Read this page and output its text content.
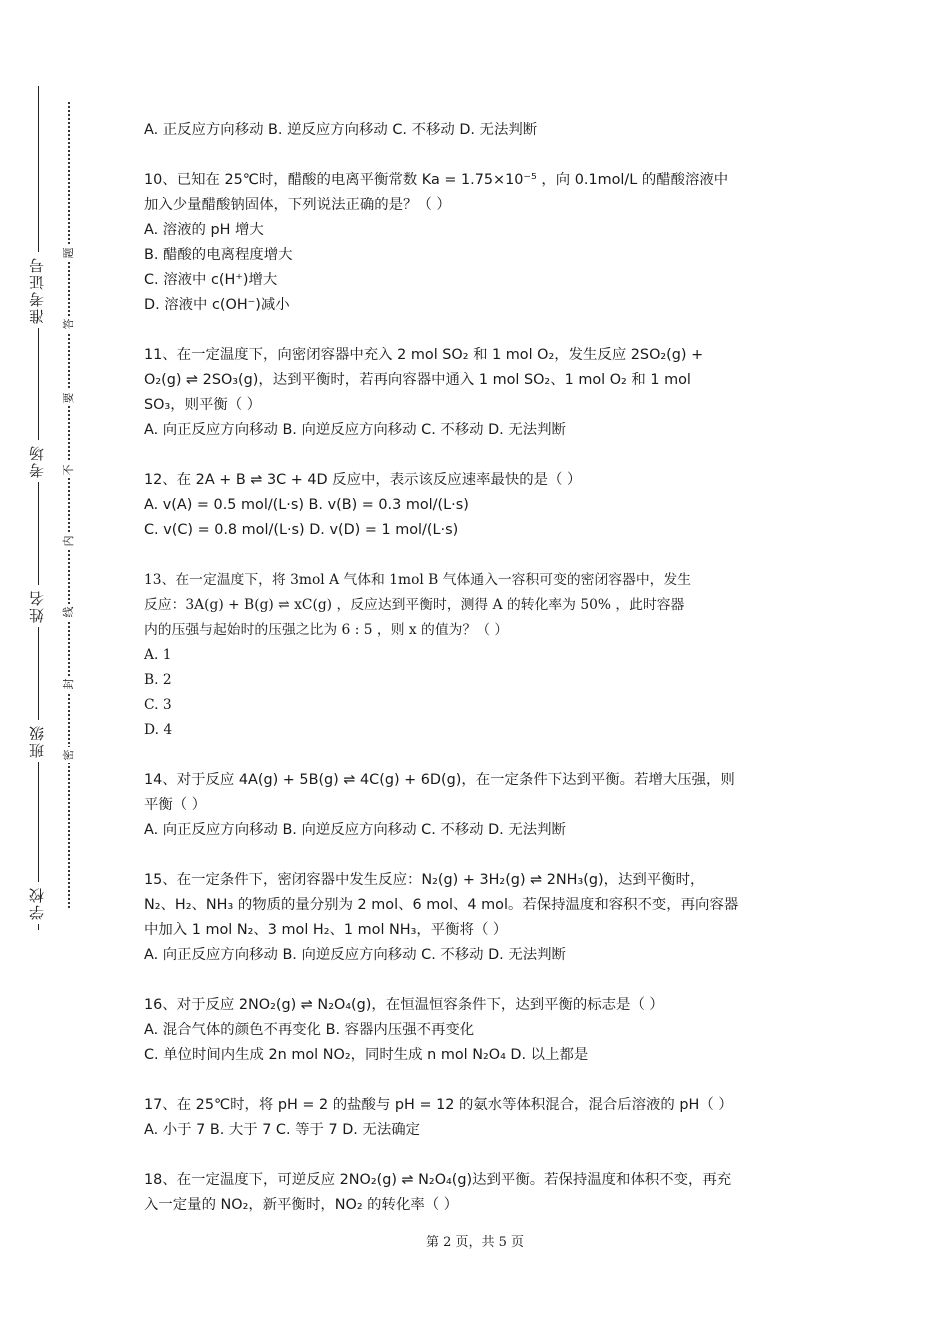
准考证号
考场
姓名
班级
学校
题
答
要
不
内
线
封
密
A. 正反应方向移动 B. 逆反应方向移动 C. 不移动 D. 无法判断
10、已知在 25℃时，醋酸的电离平衡常数 Ka = 1.75×10⁻⁵ ，向 0.1mol/L 的醋酸溶液中
加入少量醋酸钠固体，下列说法正确的是？（ ）
A. 溶液的 pH 增大
B. 醋酸的电离程度增大
C. 溶液中 c(H⁺)增大
D. 溶液中 c(OH⁻)减小
11、在一定温度下，向密闭容器中充入 2 mol SO₂ 和 1 mol O₂，发生反应 2SO₂(g) +
O₂(g) ⇌ 2SO₃(g)，达到平衡时，若再向容器中通入 1 mol SO₂、1 mol O₂ 和 1 mol
SO₃，则平衡（ ）
A. 向正反应方向移动 B. 向逆反应方向移动 C. 不移动 D. 无法判断
12、在 2A + B ⇌ 3C + 4D 反应中，表示该反应速率最快的是（ ）
A. v(A) = 0.5 mol/(L·s) B. v(B) = 0.3 mol/(L·s)
C. v(C) = 0.8 mol/(L·s) D. v(D) = 1 mol/(L·s)
13、在一定温度下，将 3mol A 气体和 1mol B 气体通入一容积可变的密闭容器中，发生
反应：3A(g) + B(g) ⇌ xC(g) ，反应达到平衡时，测得 A 的转化率为 50% ，此时容器
内的压强与起始时的压强之比为 6 : 5 ，则 x 的值为？（ ）
A. 1
B. 2
C. 3
D. 4
14、对于反应 4A(g) + 5B(g) ⇌ 4C(g) + 6D(g)，在一定条件下达到平衡。若增大压强，则
平衡（ ）
A. 向正反应方向移动 B. 向逆反应方向移动 C. 不移动 D. 无法判断
15、在一定条件下，密闭容器中发生反应：N₂(g) + 3H₂(g) ⇌ 2NH₃(g)，达到平衡时，
N₂、H₂、NH₃ 的物质的量分别为 2 mol、6 mol、4 mol。若保持温度和容积不变，再向容器
中加入 1 mol N₂、3 mol H₂、1 mol NH₃，平衡将（ ）
A. 向正反应方向移动 B. 向逆反应方向移动 C. 不移动 D. 无法判断
16、对于反应 2NO₂(g) ⇌ N₂O₄(g)，在恒温恒容条件下，达到平衡的标志是（ ）
A. 混合气体的颜色不再变化 B. 容器内压强不再变化
C. 单位时间内生成 2n mol NO₂，同时生成 n mol N₂O₄ D. 以上都是
17、在 25℃时，将 pH = 2 的盐酸与 pH = 12 的氨水等体积混合，混合后溶液的 pH（ ）
A. 小于 7 B. 大于 7 C. 等于 7 D. 无法确定
18、在一定温度下，可逆反应 2NO₂(g) ⇌ N₂O₄(g)达到平衡。若保持温度和体积不变，再充
入一定量的 NO₂，新平衡时，NO₂ 的转化率（ ）
第 2 页，共 5 页
